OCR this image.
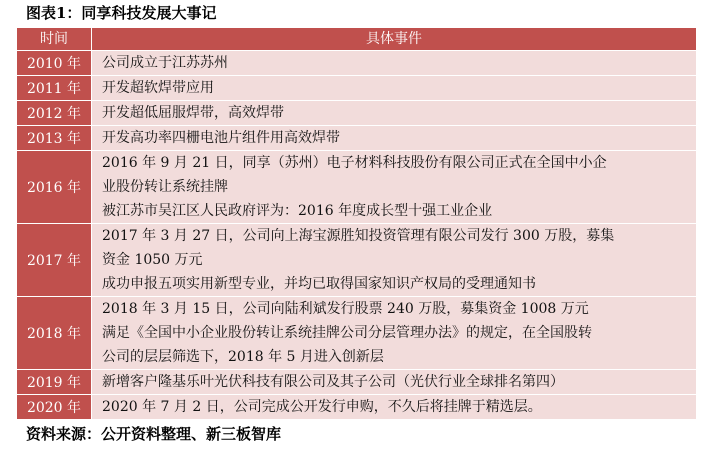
图表1：同享科技发展大事记
时间	具体事件
2010 年	公司成立于江苏苏州

2011 年	开发超软焊带应用

2012 年	开发超低屈服焊带，高效焊带

2013 年	开发高功率四栅电池片组件用高效焊带

2016 年	2016 年 9 月 21 日，同享（苏州）电子材料科技股份有限公司正式在全国中小企
业股份转让系统挂牌
被江苏市吴江区人民政府评为：2016 年度成长型十强工业企业

2017 年	2017 年 3 月 27 日，公司向上海宝源胜知投资管理有限公司发行 300 万股，募集
资金 1050 万元
成功申报五项实用新型专业，并均已取得国家知识产权局的受理通知书

2018 年	2018 年 3 月 15 日，公司向陆利斌发行股票 240 万股，募集资金 1008 万元
满足《全国中小企业股份转让系统挂牌公司分层管理办法》的规定，在全国股转
公司的层层筛选下，2018 年 5 月进入创新层

2019 年	新增客户隆基乐叶光伏科技有限公司及其子公司（光伏行业全球排名第四）

2020 年	2020 年 7 月 2 日，公司完成公开发行申购，不久后将挂牌于精选层。
资料来源：公开资料整理、新三板智库
